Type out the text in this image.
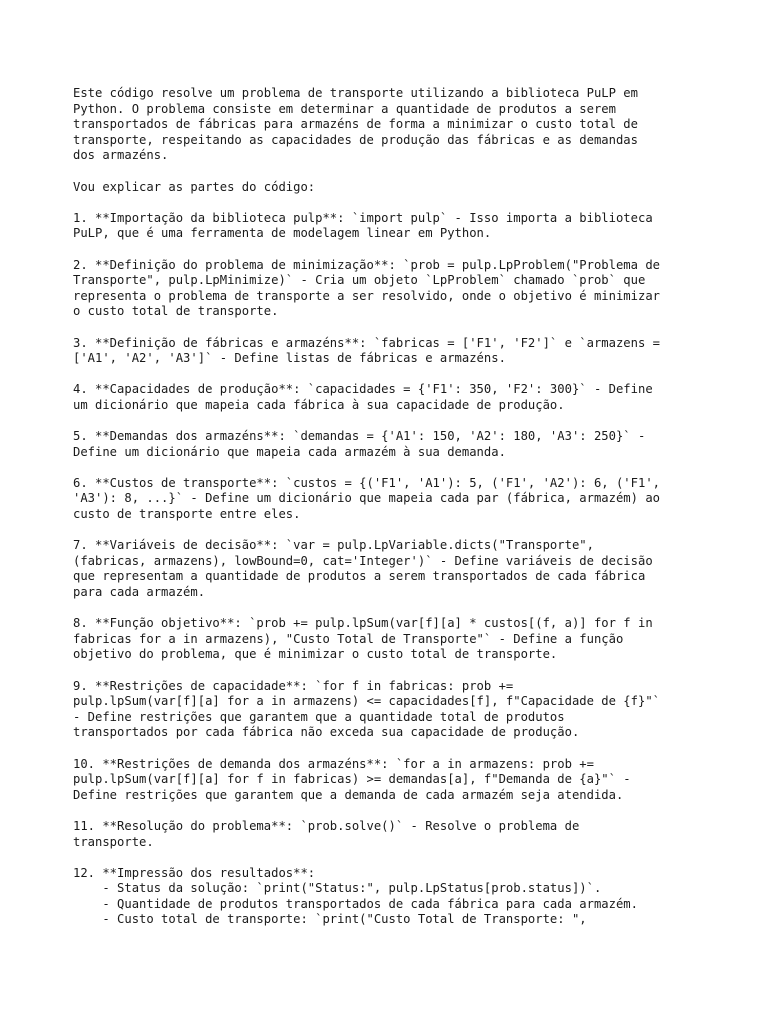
Este código resolve um problema de transporte utilizando a biblioteca PuLP em
Python. O problema consiste em determinar a quantidade de produtos a serem
transportados de fábricas para armazéns de forma a minimizar o custo total de
transporte, respeitando as capacidades de produção das fábricas e as demandas
dos armazéns.
Vou explicar as partes do código:
1. **Importação da biblioteca pulp**: `import pulp` - Isso importa a biblioteca
PuLP, que é uma ferramenta de modelagem linear em Python.
2. **Definição do problema de minimização**: `prob = pulp.LpProblem("Problema de
Transporte", pulp.LpMinimize)` - Cria um objeto `LpProblem` chamado `prob` que
representa o problema de transporte a ser resolvido, onde o objetivo é minimizar
o custo total de transporte.
3. **Definição de fábricas e armazéns**: `fabricas = ['F1', 'F2']` e `armazens =
['A1', 'A2', 'A3']` - Define listas de fábricas e armazéns.
4. **Capacidades de produção**: `capacidades = {'F1': 350, 'F2': 300}` - Define
um dicionário que mapeia cada fábrica à sua capacidade de produção.
5. **Demandas dos armazéns**: `demandas = {'A1': 150, 'A2': 180, 'A3': 250}` -
Define um dicionário que mapeia cada armazém à sua demanda.
6. **Custos de transporte**: `custos = {('F1', 'A1'): 5, ('F1', 'A2'): 6, ('F1',
'A3'): 8, ...}` - Define um dicionário que mapeia cada par (fábrica, armazém) ao
custo de transporte entre eles.
7. **Variáveis de decisão**: `var = pulp.LpVariable.dicts("Transporte",
(fabricas, armazens), lowBound=0, cat='Integer')` - Define variáveis de decisão
que representam a quantidade de produtos a serem transportados de cada fábrica
para cada armazém.
8. **Função objetivo**: `prob += pulp.lpSum(var[f][a] * custos[(f, a)] for f in
fabricas for a in armazens), "Custo Total de Transporte"` - Define a função
objetivo do problema, que é minimizar o custo total de transporte.
9. **Restrições de capacidade**: `for f in fabricas: prob +=
pulp.lpSum(var[f][a] for a in armazens) <= capacidades[f], f"Capacidade de {f}"`
- Define restrições que garantem que a quantidade total de produtos
transportados por cada fábrica não exceda sua capacidade de produção.
10. **Restrições de demanda dos armazéns**: `for a in armazens: prob +=
pulp.lpSum(var[f][a] for f in fabricas) >= demandas[a], f"Demanda de {a}"` -
Define restrições que garantem que a demanda de cada armazém seja atendida.
11. **Resolução do problema**: `prob.solve()` - Resolve o problema de
transporte.
12. **Impressão dos resultados**:
- Status da solução: `print("Status:", pulp.LpStatus[prob.status])`.
- Quantidade de produtos transportados de cada fábrica para cada armazém.
- Custo total de transporte: `print("Custo Total de Transporte: ",
